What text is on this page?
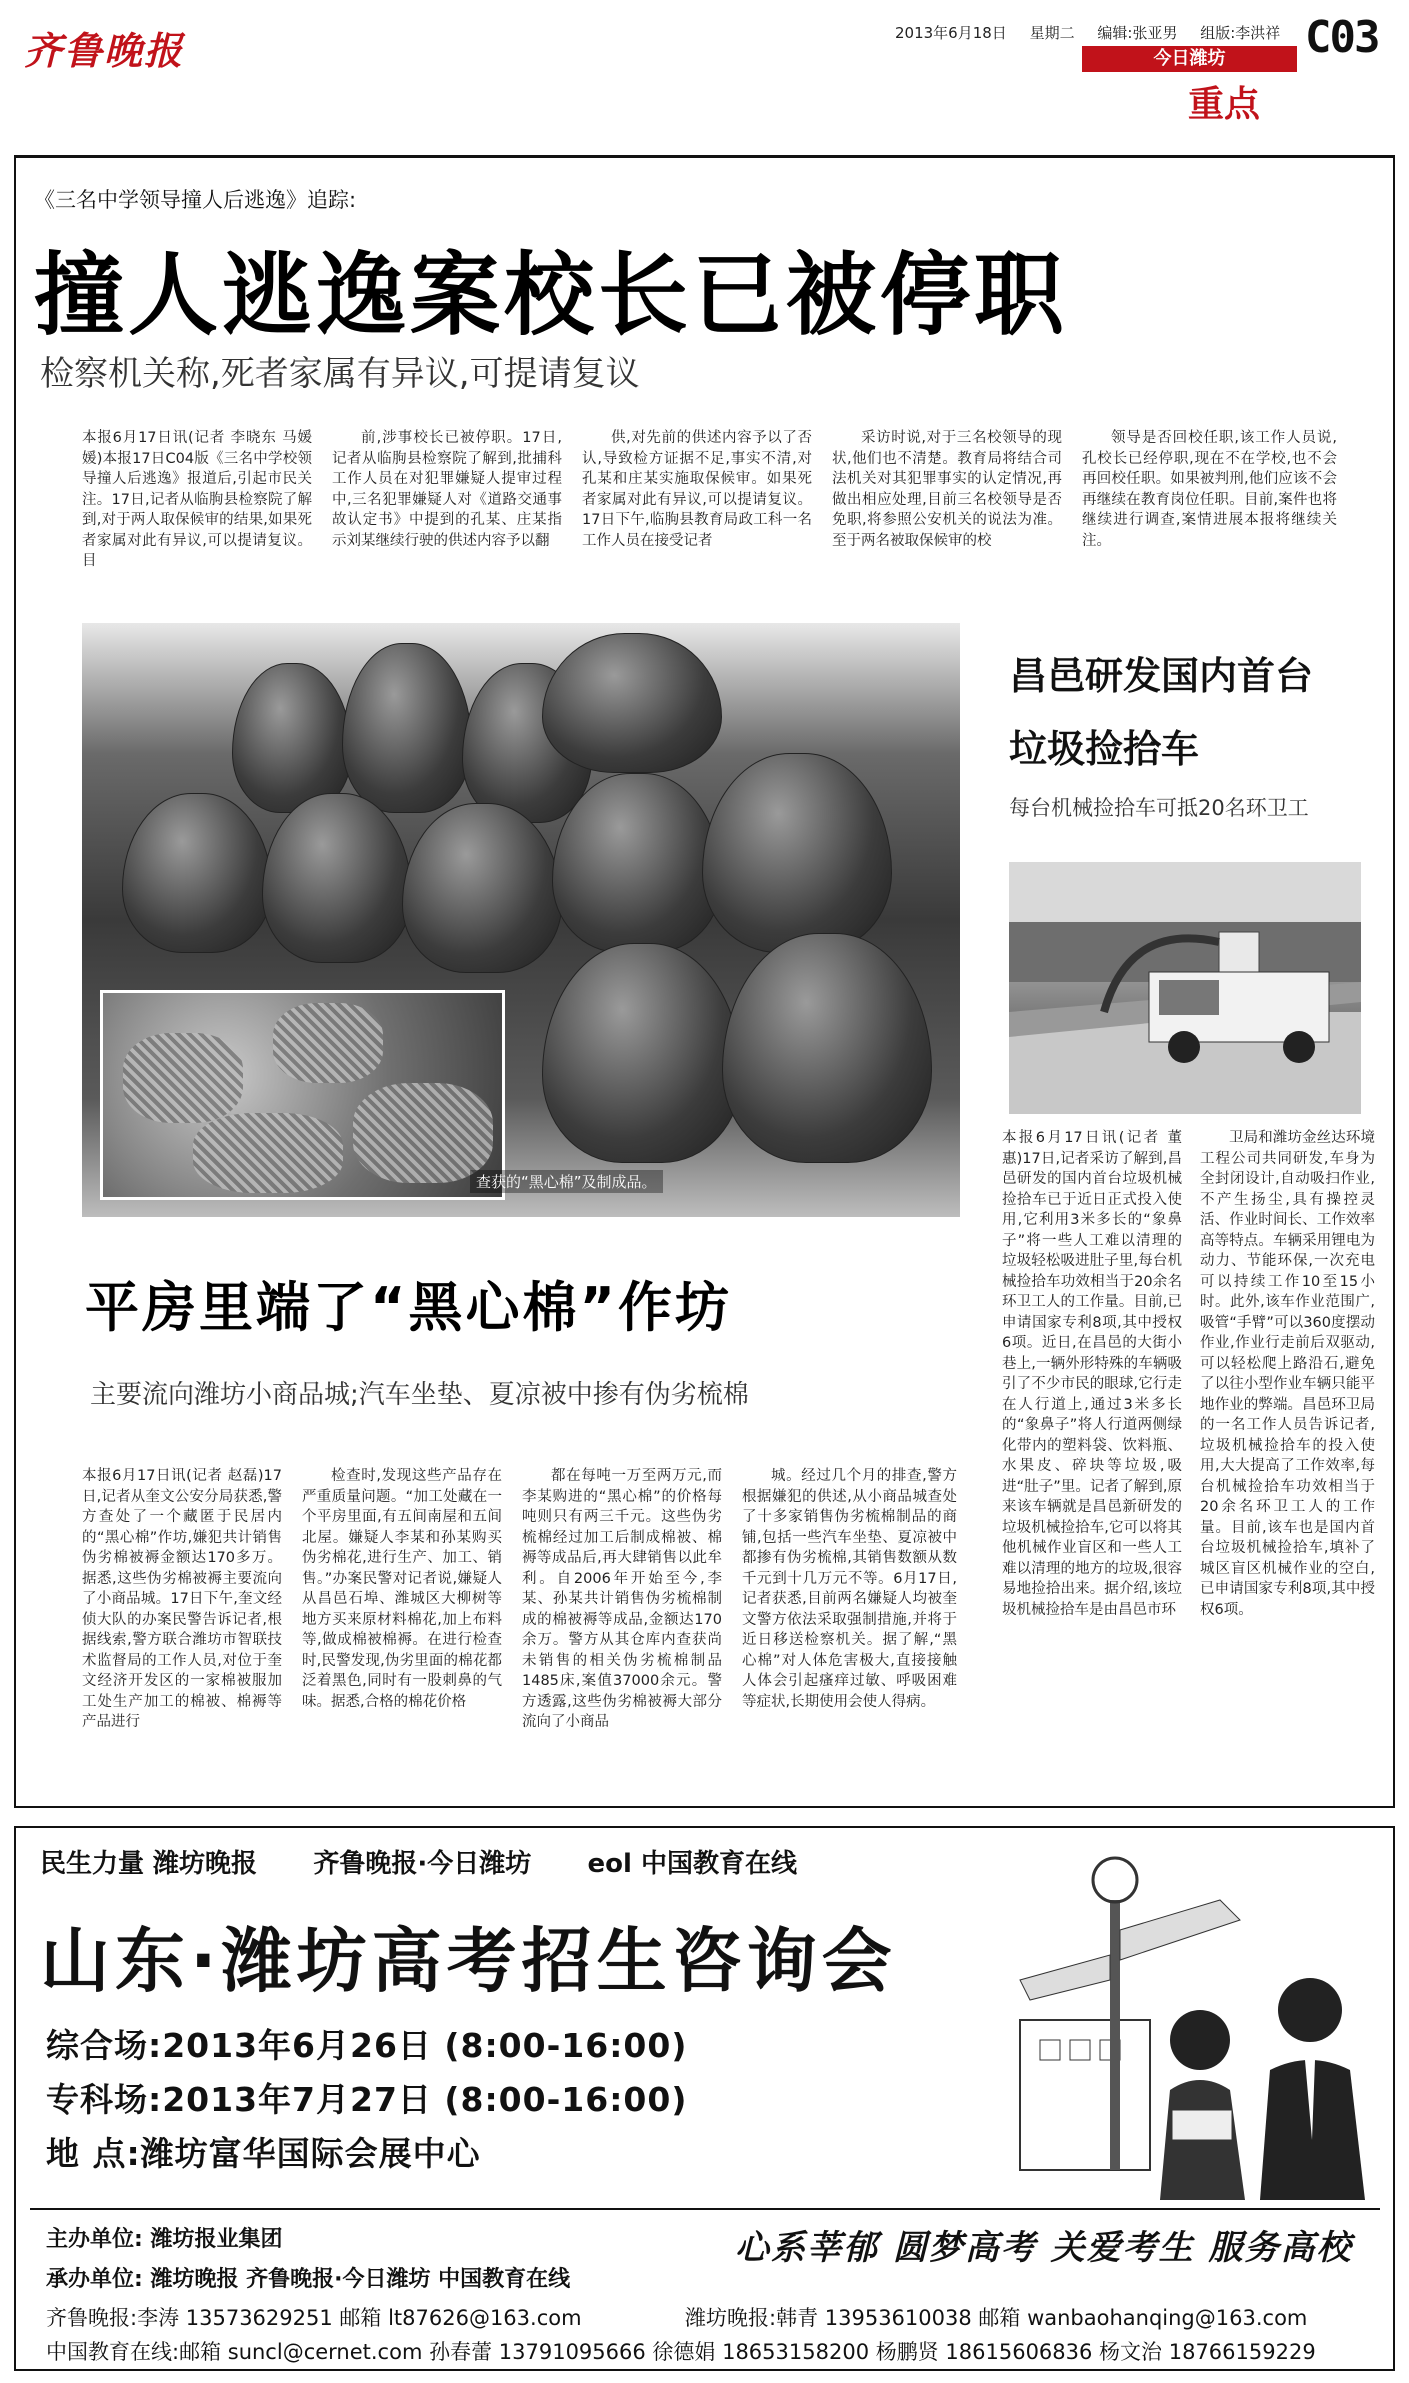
齐鲁晚报	2013年6月18日 星期二 编辑:张亚男 组版:李洪祥 C03
今日潍坊
重点
《三名中学领导撞人后逃逸》追踪:
撞人逃逸案校长已被停职
检察机关称,死者家属有异议,可提请复议

本报6月17日讯(记者 李晓东 马媛媛)本报17日C04版《三名中学校领导撞人后逃逸》报道后,引起市民关注。17日,记者从临朐县检察院了解到,对于两人取保候审的结果,如果死者家属对此有异议,可以提请复议。目

前,涉事校长已被停职。17日,记者从临朐县检察院了解到,批捕科工作人员在对犯罪嫌疑人提审过程中,三名犯罪嫌疑人对《道路交通事故认定书》中提到的孔某、庄某指示刘某继续行驶的供述内容予以翻

供,对先前的供述内容予以了否认,导致检方证据不足,事实不清,对孔某和庄某实施取保候审。如果死者家属对此有异议,可以提请复议。17日下午,临朐县教育局政工科一名工作人员在接受记者

采访时说,对于三名校领导的现状,他们也不清楚。教育局将结合司法机关对其犯罪事实的认定情况,再做出相应处理,目前三名校领导是否免职,将参照公安机关的说法为准。至于两名被取保候审的校

领导是否回校任职,该工作人员说,孔校长已经停职,现在不在学校,也不会再回校任职。如果被判刑,他们应该不会再继续在教育岗位任职。目前,案件也将继续进行调查,案情进展本报将继续关注。

查获的“黑心棉”及制成品。
平房里端了“黑心棉”作坊
主要流向潍坊小商品城;汽车坐垫、夏凉被中掺有伪劣梳棉

本报6月17日讯(记者 赵磊)17日,记者从奎文公安分局获悉,警方查处了一个藏匿于民居内的“黑心棉”作坊,嫌犯共计销售伪劣棉被褥金额达170多万。据悉,这些伪劣棉被褥主要流向了小商品城。17日下午,奎文经侦大队的办案民警告诉记者,根据线索,警方联合潍坊市智联技术监督局的工作人员,对位于奎文经济开发区的一家棉被服加工处生产加工的棉被、棉褥等产品进行

检查时,发现这些产品存在严重质量问题。“加工处藏在一个平房里面,有五间南屋和五间北屋。嫌疑人李某和孙某购买伪劣棉花,进行生产、加工、销售。”办案民警对记者说,嫌疑人从昌邑石埠、潍城区大柳树等地方买来原材料棉花,加上布料等,做成棉被棉褥。在进行检查时,民警发现,伪劣里面的棉花都泛着黑色,同时有一股刺鼻的气味。据悉,合格的棉花价格

都在每吨一万至两万元,而李某购进的“黑心棉”的价格每吨则只有两三千元。这些伪劣梳棉经过加工后制成棉被、棉褥等成品后,再大肆销售以此牟利。自2006年开始至今,李某、孙某共计销售伪劣梳棉制成的棉被褥等成品,金额达170余万。警方从其仓库内查获尚未销售的相关伪劣梳棉制品1485床,案值37000余元。警方透露,这些伪劣棉被褥大部分流向了小商品

城。经过几个月的排查,警方根据嫌犯的供述,从小商品城查处了十多家销售伪劣梳棉制品的商铺,包括一些汽车坐垫、夏凉被中都掺有伪劣梳棉,其销售数额从数千元到十几万元不等。6月17日,记者获悉,目前两名嫌疑人均被奎文警方依法采取强制措施,并将于近日移送检察机关。据了解,“黑心棉”对人体危害极大,直接接触人体会引起瘙痒过敏、呼吸困难等症状,长期使用会使人得病。

昌邑研发国内首台
垃圾捡拾车
每台机械捡拾车可抵20名环卫工

本报6月17日讯(记者 董惠)17日,记者采访了解到,昌邑研发的国内首台垃圾机械捡拾车已于近日正式投入使用,它利用3米多长的“象鼻子”将一些人工难以清理的垃圾轻松吸进肚子里,每台机械捡拾车功效相当于20余名环卫工人的工作量。目前,已申请国家专利8项,其中授权6项。近日,在昌邑的大街小巷上,一辆外形特殊的车辆吸引了不少市民的眼球,它行走在人行道上,通过3米多长的“象鼻子”将人行道两侧绿化带内的塑料袋、饮料瓶、水果皮、碎块等垃圾,吸进“肚子”里。记者了解到,原来该车辆就是昌邑新研发的垃圾机械捡拾车,它可以将其他机械作业盲区和一些人工难以清理的地方的垃圾,很容易地捡拾出来。据介绍,该垃圾机械捡拾车是由昌邑市环

卫局和潍坊金丝达环境工程公司共同研发,车身为全封闭设计,自动吸扫作业,不产生扬尘,具有操控灵活、作业时间长、工作效率高等特点。车辆采用锂电为动力、节能环保,一次充电可以持续工作10至15小时。此外,该车作业范围广,吸管“手臂”可以360度摆动作业,作业行走前后双驱动,可以轻松爬上路沿石,避免了以往小型作业车辆只能平地作业的弊端。昌邑环卫局的一名工作人员告诉记者,垃圾机械捡拾车的投入使用,大大提高了工作效率,每台机械捡拾车功效相当于20余名环卫工人的工作量。目前,该车也是国内首台垃圾机械捡拾车,填补了城区盲区机械作业的空白,已申请国家专利8项,其中授权6项。

民生力量 潍坊晚报 齐鲁晚报·今日潍坊 eol 中国教育在线
山东·潍坊高考招生咨询会
综合场:2013年6月26日 (8:00-16:00)
专科场:2013年7月27日 (8:00-16:00)
地 点:潍坊富华国际会展中心
主办单位: 潍坊报业集团
承办单位: 潍坊晚报 齐鲁晚报·今日潍坊 中国教育在线
心系莘郁 圆梦高考 关爱考生 服务高校
齐鲁晚报:李涛 13573629251 邮箱 lt87626@163.com	潍坊晚报:韩青 13953610038 邮箱 wanbaohanqing@163.com
中国教育在线:邮箱 suncl@cernet.com 孙春蕾 13791095666 徐德娟 18653158200 杨鹏贤 18615606836 杨文治 18766159229
